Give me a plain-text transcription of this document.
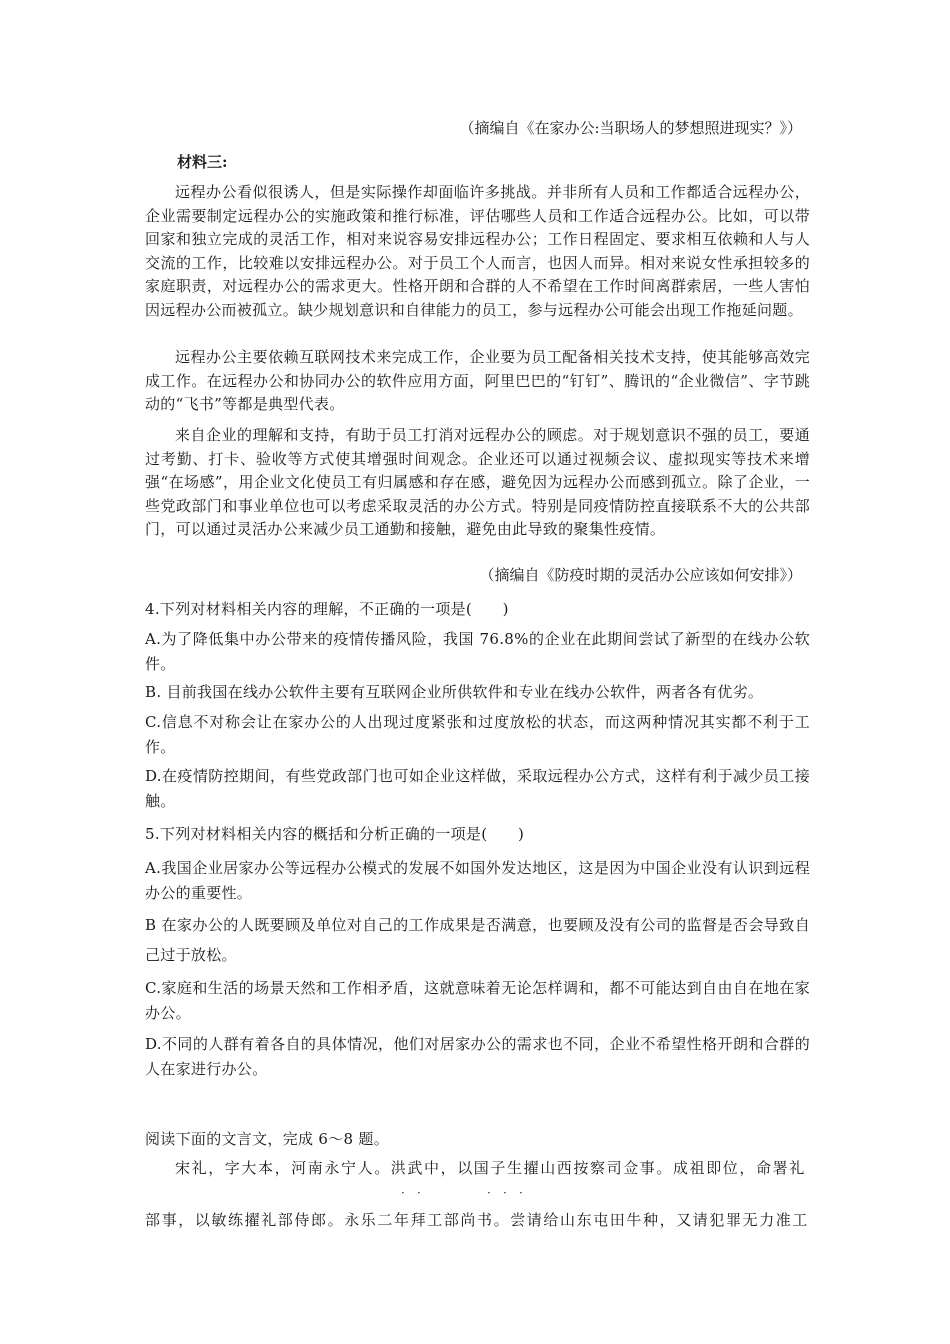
（摘编自《在家办公:当职场人的梦想照进现实？》）
材料三:

远程办公看似很诱人，但是实际操作却面临许多挑战。并非所有人员和工作都适合远程办公，企业需要制定远程办公的实施政策和推行标准，评估哪些人员和工作适合远程办公。比如，可以带回家和独立完成的灵活工作，相对来说容易安排远程办公；工作日程固定、要求相互依赖和人与人交流的工作，比较难以安排远程办公。对于员工个人而言，也因人而异。相对来说女性承担较多的家庭职责，对远程办公的需求更大。性格开朗和合群的人不希望在工作时间离群索居，一些人害怕因远程办公而被孤立。缺少规划意识和自律能力的员工，参与远程办公可能会出现工作拖延问题。

远程办公主要依赖互联网技术来完成工作，企业要为员工配备相关技术支持，使其能够高效完成工作。在远程办公和协同办公的软件应用方面，阿里巴巴的“钉钉”、腾讯的“企业微信”、字节跳动的“飞书”等都是典型代表。

来自企业的理解和支持，有助于员工打消对远程办公的顾虑。对于规划意识不强的员工，要通过考勤、打卡、验收等方式使其增强时间观念。企业还可以通过视频会议、虚拟现实等技术来增强“在场感”，用企业文化使员工有归属感和存在感，避免因为远程办公而感到孤立。除了企业，一些党政部门和事业单位也可以考虑采取灵活的办公方式。特别是同疫情防控直接联系不大的公共部门，可以通过灵活办公来减少员工通勤和接触，避免由此导致的聚集性疫情。

（摘编自《防疫时期的灵活办公应该如何安排》）

4.下列对材料相关内容的理解，不正确的一项是(　　)

A.为了降低集中办公带来的疫情传播风险，我国 76.8%的企业在此期间尝试了新型的在线办公软件。

B. 目前我国在线办公软件主要有互联网企业所供软件和专业在线办公软件，两者各有优劣。

C.信息不对称会让在家办公的人出现过度紧张和过度放松的状态，而这两种情况其实都不利于工作。

D.在疫情防控期间，有些党政部门也可如企业这样做，采取远程办公方式，这样有利于减少员工接触。

5.下列对材料相关内容的概括和分析正确的一项是(　　)

A.我国企业居家办公等远程办公模式的发展不如国外发达地区，这是因为中国企业没有认识到远程办公的重要性。

B 在家办公的人既要顾及单位对自己的工作成果是否满意，也要顾及没有公司的监督是否会导致自己过于放松。

C.家庭和生活的场景天然和工作相矛盾，这就意味着无论怎样调和，都不可能达到自由自在地在家办公。

D.不同的人群有着各自的具体情况，他们对居家办公的需求也不同，企业不希望性格开朗和合群的人在家进行办公。

阅读下面的文言文，完成 6～8 题。

宋礼，字大本，河南永宁人。洪武中，以国子生擢山西按察司佥事。成祖即位，命署礼

· ·	· · ·

部事，以敏练擢礼部侍郎。永乐二年拜工部尚书。尝请给山东屯田牛种，又请犯罪无力准工
